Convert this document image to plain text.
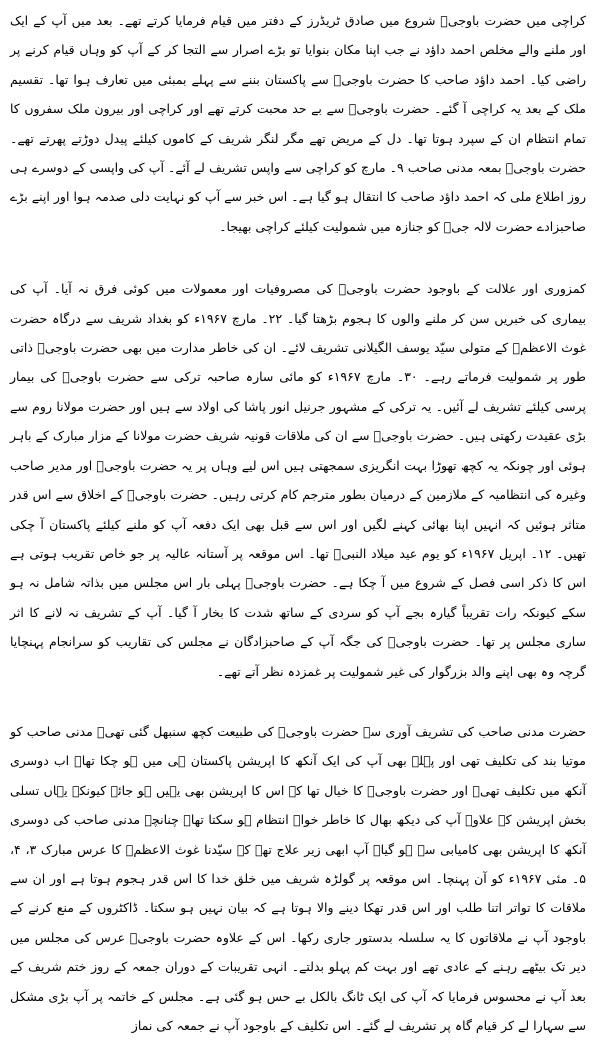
کراچی میں حضرت باوجیؒ شروع میں صادق ٹریڈرز کے دفتر میں قیام فرمایا کرتے تھے۔ بعد میں آپ کے ایک اور ملنے والے مخلص احمد داؤد نے جب اپنا مکان بنوایا تو بڑے اصرار سے التجا کر کے آپ کو وہاں قیام کرنے پر راضی کیا۔ احمد داؤد صاحب کا حضرت باوجیؒ سے پاکستان بننے سے پہلے بمبئی میں تعارف ہوا تھا۔ تقسیم ملک کے بعد یہ کراچی آ گئے۔ حضرت باوجیؒ سے بے حد محبت کرتے تھے اور کراچی اور بیرون ملک سفروں کا تمام انتظام ان کے سپرد ہوتا تھا۔ دل کے مریض تھے مگر لنگر شریف کے کاموں کیلئے پیدل دوڑتے پھرتے تھے۔ حضرت باوجیؒ بمعہ مدنی صاحب ۹۔ مارچ کو کراچی سے واپس تشریف لے آئے۔ آپ کی واپسی کے دوسرے ہی روز اطلاع ملی کہ احمد داؤد صاحب کا انتقال ہو گیا ہے۔ اس خبر سے آپ کو نہایت دلی صدمہ ہوا اور اپنے بڑے صاحبزادے حضرت لالہ جیؒ کو جنازہ میں شمولیت کیلئے کراچی بھیجا۔

کمزوری اور علالت کے باوجود حضرت باوجیؒ کی مصروفیات اور معمولات میں کوئی فرق نہ آیا۔ آپ کی بیماری کی خبریں سن کر ملنے والوں کا ہجوم بڑھتا گیا۔ ۲۲۔ مارچ ۱۹۶۷ء کو بغداد شریف سے درگاہ حضرت غوث الاعظمؒ کے متولی سیّد یوسف الگیلانی تشریف لائے۔ ان کی خاطر مدارت میں بھی حضرت باوجیؒ ذاتی طور پر شمولیت فرماتے رہے۔ ۳۰۔ مارچ ۱۹۶۷ء کو مائی سارہ صاحبہ ترکی سے حضرت باوجیؒ کی بیمار پرسی کیلئے تشریف لے آئیں۔ یہ ترکی کے مشہور جرنیل انور پاشا کی اولاد سے ہیں اور حضرت مولانا روم سے بڑی عقیدت رکھتی ہیں۔ حضرت باوجیؒ سے ان کی ملاقات قونیہ شریف حضرت مولانا کے مزار مبارک کے باہر ہوئی اور چونکہ یہ کچھ تھوڑا بہت انگریزی سمجھتی ہیں اس لیے وہاں پر یہ حضرت باوجیؒ اور مدیر صاحب وغیرہ کی انتظامیہ کے ملازمین کے درمیان بطور مترجم کام کرتی رہیں۔ حضرت باوجیؒ کے اخلاق سے اس قدر متاثر ہوئیں کہ انہیں اپنا بھائی کہنے لگیں اور اس سے قبل بھی ایک دفعہ آپ کو ملنے کیلئے پاکستان آ چکی تھیں۔ ۱۲۔ اپریل ۱۹۶۷ء کو یوم عید میلاد النبیؐ تھا۔ اس موقعہ پر آستانہ عالیہ پر جو خاص تقریب ہوتی ہے اس کا ذکر اسی فصل کے شروع میں آ چکا ہے۔ حضرت باوجیؒ پہلی بار اس مجلس میں بذاتہ شامل نہ ہو سکے کیونکہ رات تقریباً گیارہ بجے آپ کو سردی کے ساتھ شدت کا بخار آ گیا۔ آپ کے تشریف نہ لانے کا اثر ساری مجلس پر تھا۔ حضرت باوجیؒ کی جگہ آپ کے صاحبزادگان نے مجلس کی تقاریب کو سرانجام پہنچایا گرچہ وہ بھی اپنے والد بزرگوار کی غیر شمولیت پر غمزدہ نظر آتے تھے۔

حضرت مدنی صاحب کی تشریف آوری سے حضرت باوجیؒ کی طبیعت کچھ سنبھل گئی تھی۔ مدنی صاحب کو موتیا بند کی تکلیف تھی اور پہلے بھی آپ کی ایک آنکھ کا اپریشن پاکستان ہی میں ہو چکا تھا۔ اب دوسری آنکھ میں تکلیف تھی۔ اور حضرت باوجیؒ کا خیال تھا کہ اس کا اپریشن بھی یہیں ہو جائے کیونکہ یہاں تسلی بخش اپریشن کے علاوہ آپ کی دیکھ بھال کا خاطر خواہ انتظام ہو سکتا تھا۔ چنانچہ مدنی صاحب کی دوسری آنکھ کا اپریشن بھی کامیابی سے ہو گیا۔ آپ ابھی زیر علاج تھے کہ سیّدنا غوث الاعظمؒ کا عرس مبارک ۳، ۴، ۵۔ مئی ۱۹۶۷ء کو آن پہنچا۔ اس موقعہ پر گولڑہ شریف میں خلق خدا کا اس قدر ہجوم ہوتا ہے اور ان سے ملاقات کا تواتر اتنا طلب اور اس قدر تھکا دینے والا ہوتا ہے کہ بیان نہیں ہو سکتا۔ ڈاکٹروں کے منع کرنے کے باوجود آپ نے ملاقاتوں کا یہ سلسلہ بدستور جاری رکھا۔ اس کے علاوہ حضرت باوجیؒ عرس کی مجلس میں دیر تک بیٹھے رہنے کے عادی تھے اور بہت کم پہلو بدلتے۔ انہی تقریبات کے دوران جمعہ کے روز ختم شریف کے بعد آپ نے محسوس فرمایا کہ آپ کی ایک ٹانگ بالکل بے حس ہو گئی ہے۔ مجلس کے خاتمہ پر آپ بڑی مشکل سے سہارا لے کر قیام گاہ پر تشریف لے گئے۔ اس تکلیف کے باوجود آپ نے جمعہ کی نماز
